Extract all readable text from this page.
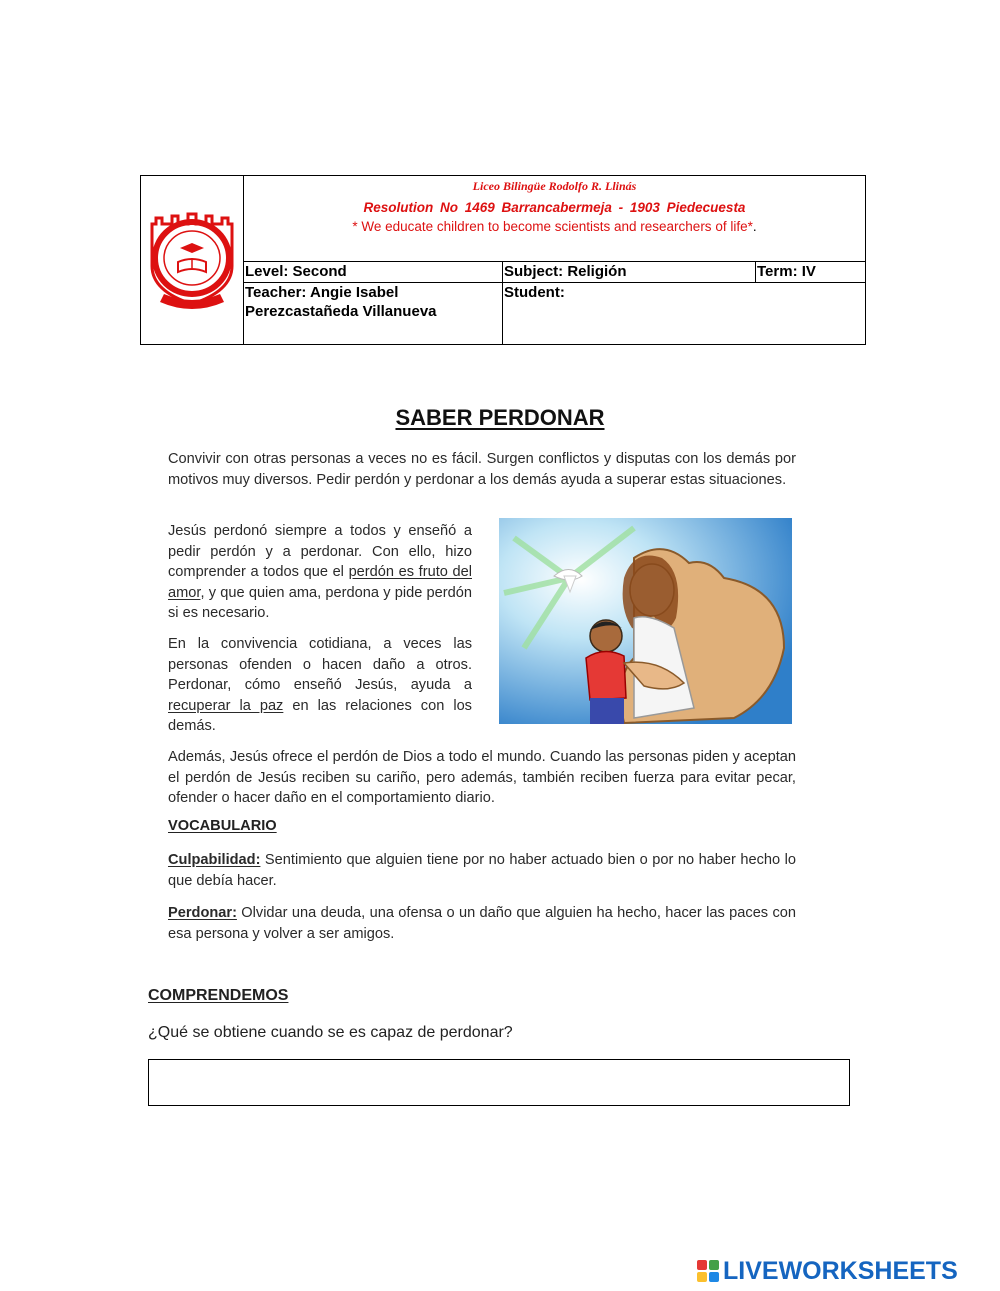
Liceo Bilingüe Rodolfo R. Llinás
Resolution No 1469 Barrancabermeja - 1903 Piedecuesta
* We educate children to become scientists and researchers of life*.
Level: Second	Subject: Religión	Term: IV
Teacher: Angie Isabel
Perezcastañeda Villanueva
Student:
SABER PERDONAR
Convivir con otras personas a veces no es fácil. Surgen conflictos y disputas con los demás por motivos muy diversos. Pedir perdón y perdonar a los demás ayuda a superar estas situaciones.
Jesús perdonó siempre a todos y enseñó a pedir perdón y a perdonar. Con ello, hizo comprender a todos que el perdón es fruto del amor, y que quien ama, perdona y pide perdón si es necesario.
En la convivencia cotidiana, a veces las personas ofenden o hacen daño a otros. Perdonar, cómo enseñó Jesús, ayuda a recuperar la paz en las relaciones con los demás.
Además, Jesús ofrece el perdón de Dios a todo el mundo. Cuando las personas piden y aceptan el perdón de Jesús reciben su cariño, pero además, también reciben fuerza para evitar pecar, ofender o hacer daño en el comportamiento diario.
VOCABULARIO
Culpabilidad: Sentimiento que alguien tiene por no haber actuado bien o por no haber hecho lo que debía hacer.
Perdonar: Olvidar una deuda, una ofensa o un daño que alguien ha hecho, hacer las paces con esa persona y volver a ser amigos.
COMPRENDEMOS
¿Qué se obtiene cuando se es capaz de perdonar?
LIVEWORKSHEETS
